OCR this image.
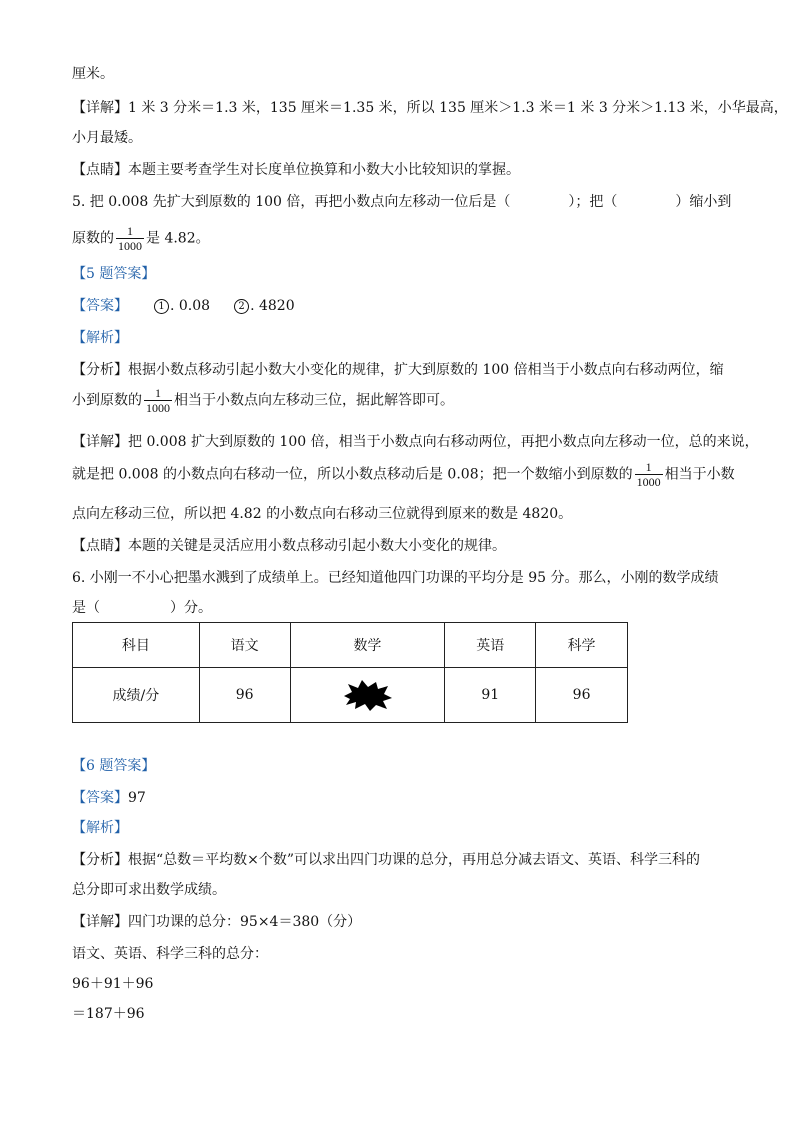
厘米。
【详解】1 米 3 分米＝1.3 米，135 厘米＝1.35 米，所以 135 厘米＞1.3 米＝1 米 3 分米＞1.13 米，小华最高，
小月最矮。
【点睛】本题主要考查学生对长度单位换算和小数大小比较知识的掌握。
5. 把 0.008 先扩大到原数的 100 倍，再把小数点向左移动一位后是（	）；把（	）缩小到
原数的 $\frac{1}{1000}$ 是 4.82。
【5 题答案】
【答案】	1 . 0.08	2 . 4820
【解析】
【分析】根据小数点移动引起小数大小变化的规律，扩大到原数的 100 倍相当于小数点向右移动两位，缩
小到原数的 $\frac{1}{1000}$ 相当于小数点向左移动三位，据此解答即可。
【详解】把 0.008 扩大到原数的 100 倍，相当于小数点向右移动两位，再把小数点向左移动一位，总的来说，
就是把 0.008 的小数点向右移动一位，所以小数点移动后是 0.08；把一个数缩小到原数的 $\frac{1}{1000}$ 相当于小数
点向左移动三位，所以把 4.82 的小数点向右移动三位就得到原来的数是 4820。
【点睛】本题的关键是灵活应用小数点移动引起小数大小变化的规律。
6. 小刚一不小心把墨水溅到了成绩单上。已经知道他四门功课的平均分是 95 分。那么，小刚的数学成绩
是（	）分。
科目	语文	数学	英语	科学
成绩/分	96		91	96
【6 题答案】
【答案】97
【解析】
【分析】根据“总数＝平均数×个数”可以求出四门功课的总分，再用总分减去语文、英语、科学三科的
总分即可求出数学成绩。
【详解】四门功课的总分：95×4＝380（分）
语文、英语、科学三科的总分：
96＋91＋96
＝187＋96
